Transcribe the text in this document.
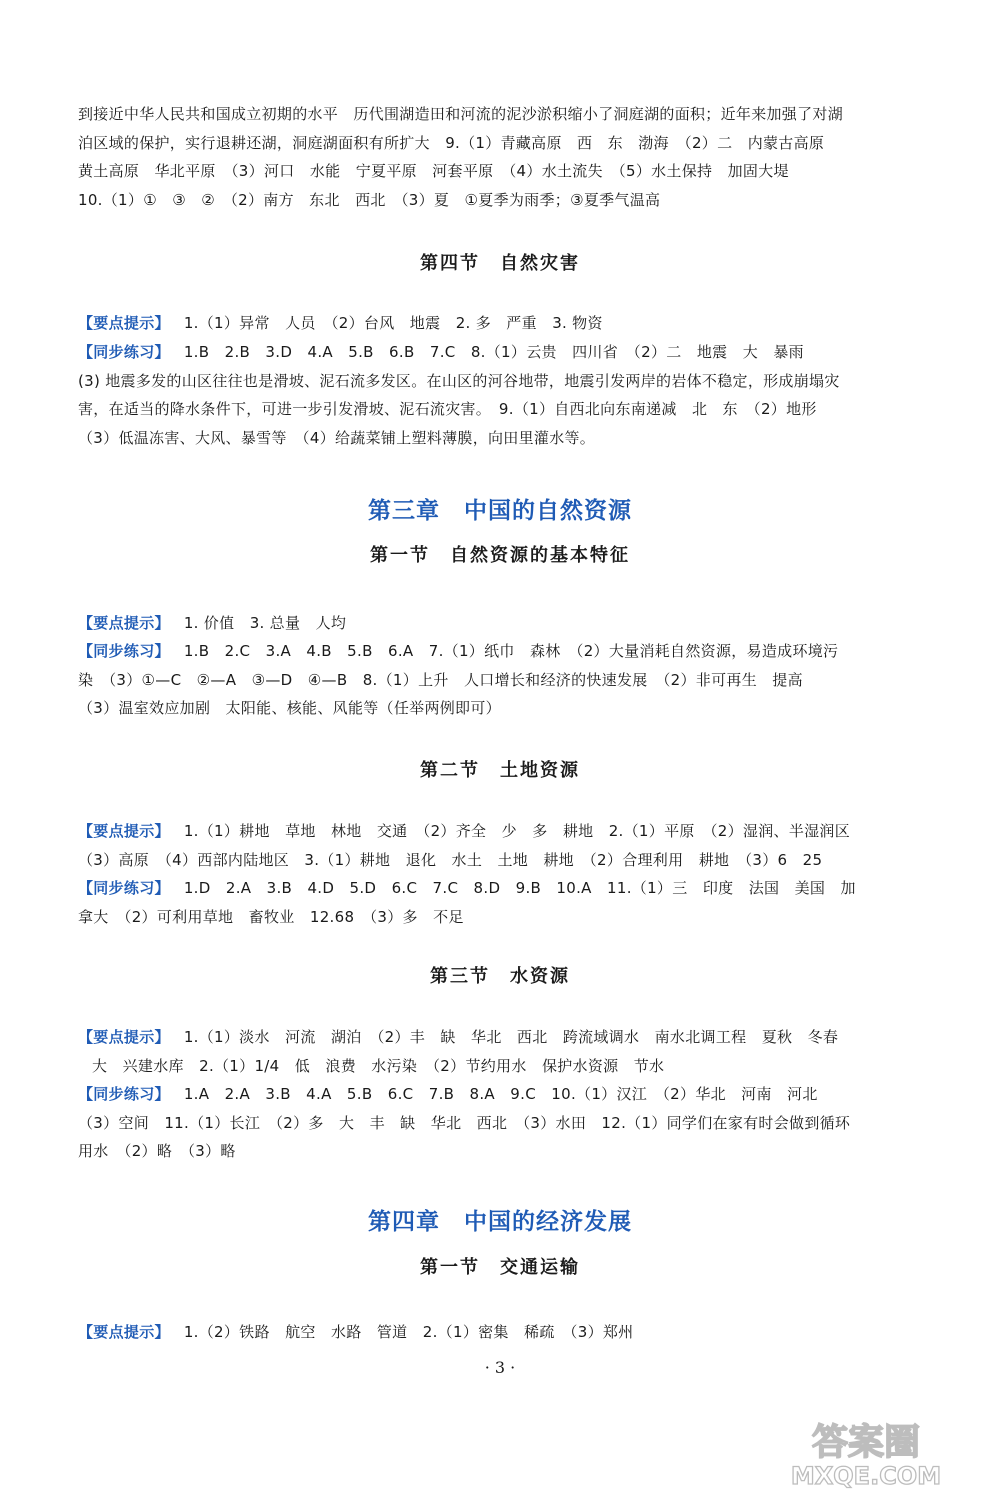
到接近中华人民共和国成立初期的水平　历代围湖造田和河流的泥沙淤积缩小了洞庭湖的面积；近年来加强了对湖
泊区域的保护，实行退耕还湖，洞庭湖面积有所扩大　9.（1）青藏高原　西　东　渤海　（2）二　内蒙古高原
黄土高原　华北平原　（3）河口　水能　宁夏平原　河套平原　（4）水土流失　（5）水土保持　加固大堤
10.（1）①　③　②　（2）南方　东北　西北　（3）夏　①夏季为雨季；③夏季气温高
第四节　自然灾害
【要点提示】 1.（1）异常　人员　（2）台风　地震　2. 多　严重　3. 物资
【同步练习】 1.B　2.B　3.D　4.A　5.B　6.B　7.C　8.（1）云贵　四川省　（2）二　地震　大　暴雨
(3) 地震多发的山区往往也是滑坡、泥石流多发区。在山区的河谷地带，地震引发两岸的岩体不稳定，形成崩塌灾
害，在适当的降水条件下，可进一步引发滑坡、泥石流灾害。　9.（1）自西北向东南递减　北　东　（2）地形
（3）低温冻害、大风、暴雪等　（4）给蔬菜铺上塑料薄膜，向田里灌水等。
第三章　中国的自然资源
第一节　自然资源的基本特征
【要点提示】 1. 价值　3. 总量　人均
【同步练习】 1.B　2.C　3.A　4.B　5.B　6.A　7.（1）纸巾　森林　（2）大量消耗自然资源，易造成环境污
染　（3）①—C　②—A　③—D　④—B　8.（1）上升　人口增长和经济的快速发展　（2）非可再生　提高
（3）温室效应加剧　太阳能、核能、风能等（任举两例即可）
第二节　土地资源
【要点提示】 1.（1）耕地　草地　林地　交通　（2）齐全　少　多　耕地　2.（1）平原　（2）湿润、半湿润区
（3）高原　（4）西部内陆地区　3.（1）耕地　退化　水土　土地　耕地　（2）合理利用　耕地　（3）6　25
【同步练习】 1.D　2.A　3.B　4.D　5.D　6.C　7.C　8.D　9.B　10.A　11.（1）三　印度　法国　美国　加
拿大　（2）可利用草地　畜牧业　12.68　（3）多　不足
第三节　水资源
【要点提示】 1.（1）淡水　河流　湖泊　（2）丰　缺　华北　西北　跨流域调水　南水北调工程　夏秋　冬春
大　兴建水库　2.（1）1/4　低　浪费　水污染　（2）节约用水　保护水资源　节水
【同步练习】 1.A　2.A　3.B　4.A　5.B　6.C　7.B　8.A　9.C　10.（1）汉江　（2）华北　河南　河北
（3）空间　11.（1）长江　（2）多　大　丰　缺　华北　西北　（3）水田　12.（1）同学们在家有时会做到循环
用水　（2）略　（3）略
第四章　中国的经济发展
第一节　交通运输
【要点提示】 1.（2）铁路　航空　水路　管道　2.（1）密集　稀疏　（3）郑州
· 3 ·
答案圈
MXQE.COM
